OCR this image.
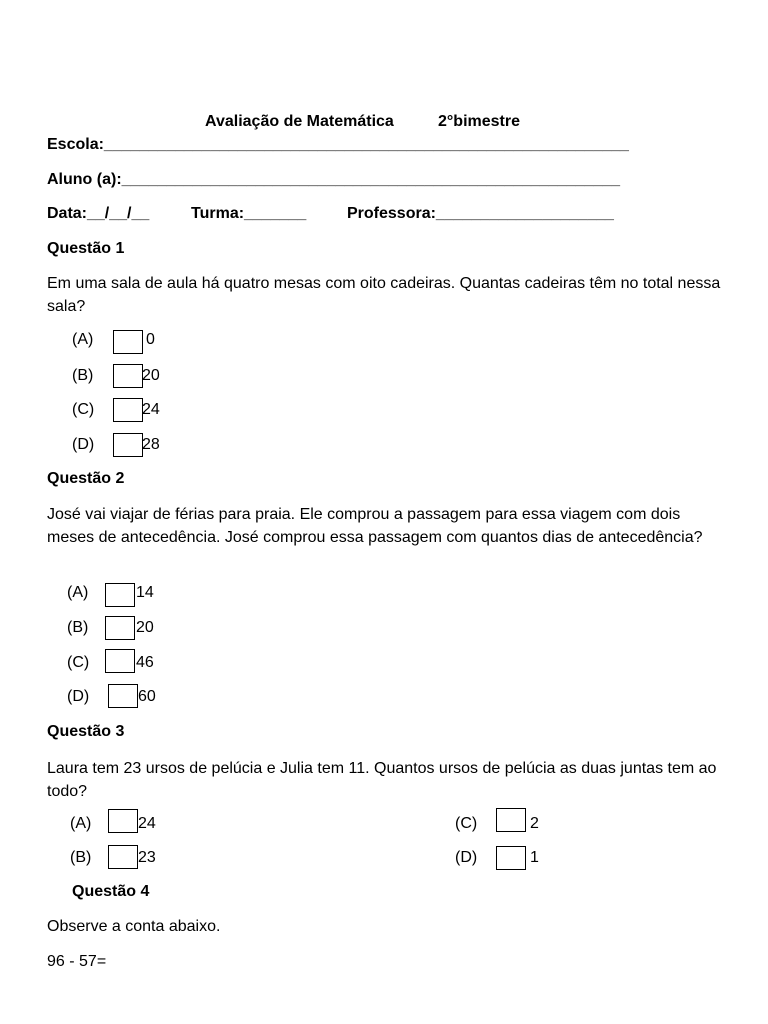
Avaliação de Matemática	2°bimestre
Escola:___________________________________________________________
Aluno (a):________________________________________________________
Data:__/__/__	Turma:_______	Professora:____________________
Questão 1
Em uma sala de aula há quatro mesas com oito cadeiras. Quantas cadeiras têm no total nessa sala?
(A)	0
(B)	20
(C)	24
(D)	28
Questão 2
José vai viajar de férias para praia. Ele comprou a passagem para essa viagem com dois meses de antecedência. José comprou essa passagem com quantos dias de antecedência?
(A)	14
(B)	20
(C)	46
(D)	60
Questão 3
Laura tem 23 ursos de pelúcia e Julia tem 11. Quantos ursos de pelúcia as duas juntas tem ao todo?
(A)	24
(B)	23
(C)	2
(D)	1
Questão 4
Observe a conta abaixo.
96 - 57=
